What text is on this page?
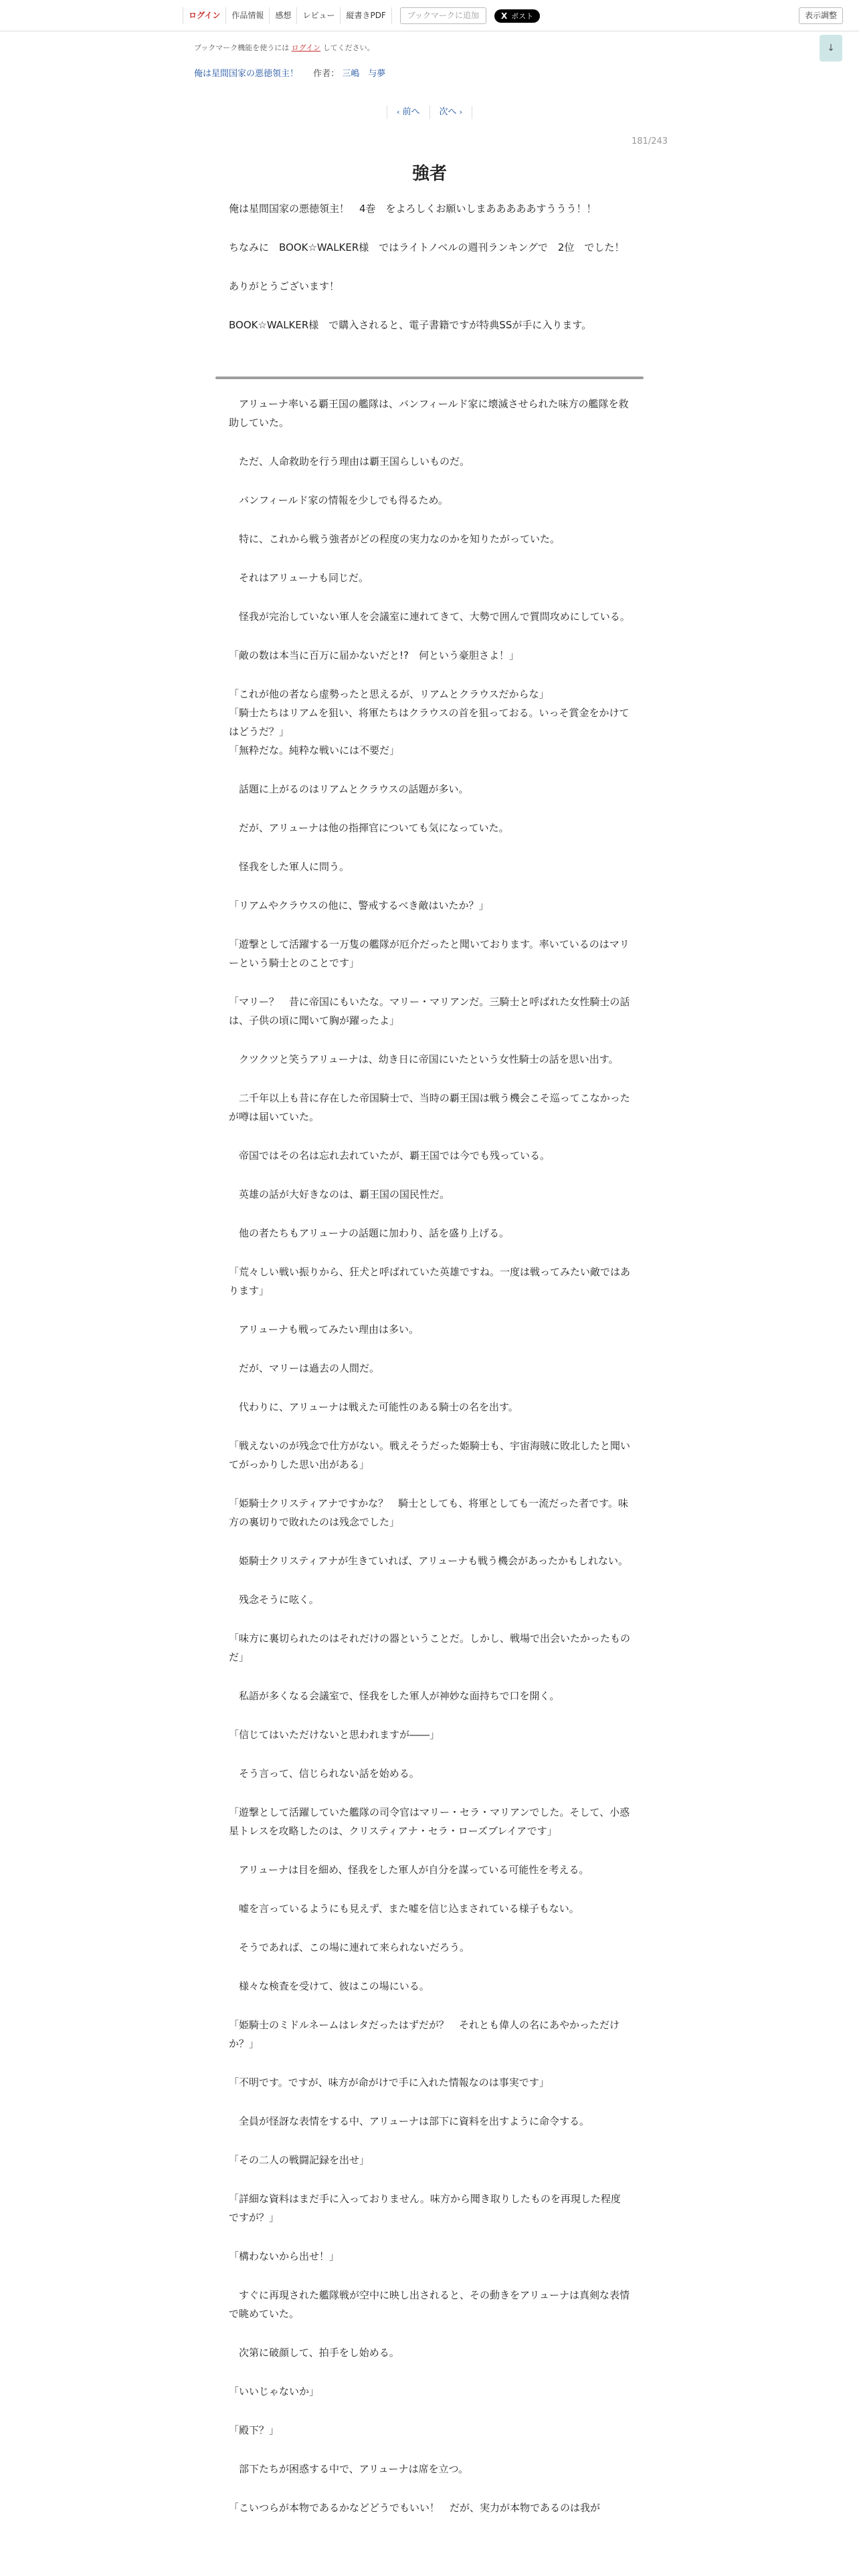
ログイン	作品情報	感想	レビュー	縦書きPDF	ブックマークに追加	X ポスト	表示調整
ブックマーク機能を使うには ログイン してください。	↓
俺は星間国家の悪徳領主！ 作者： 三嶋　与夢
‹ 前へ	次へ ›
181/243
強者

俺は星間国家の悪徳領主！　4巻　をよろしくお願いしまあああああすううう！！

ちなみに　BOOK☆WALKER様　ではライトノベルの週刊ランキングで　2位　でした！

ありがとうございます！

BOOK☆WALKER様　で購入されると、電子書籍ですが特典SSが手に入ります。

　アリューナ率いる覇王国の艦隊は、バンフィールド家に壊滅させられた味方の艦隊を救助していた。

　ただ、人命救助を行う理由は覇王国らしいものだ。

　バンフィールド家の情報を少しでも得るため。

　特に、これから戦う強者がどの程度の実力なのかを知りたがっていた。

　それはアリューナも同じだ。

　怪我が完治していない軍人を会議室に連れてきて、大勢で囲んで質問攻めにしている。

「敵の数は本当に百万に届かないだと!?　何という豪胆さよ！」

「これが他の者なら虚勢ったと思えるが、リアムとクラウスだからな」
「騎士たちはリアムを狙い、将軍たちはクラウスの首を狙っておる。いっそ賞金をかけてはどうだ？」
「無粋だな。純粋な戦いには不要だ」

　話題に上がるのはリアムとクラウスの話題が多い。

　だが、アリューナは他の指揮官についても気になっていた。

　怪我をした軍人に問う。

「リアムやクラウスの他に、警戒するべき敵はいたか？」

「遊撃として活躍する一万隻の艦隊が厄介だったと聞いております。率いているのはマリーという騎士とのことです」

「マリー？　昔に帝国にもいたな。マリー・マリアンだ。三騎士と呼ばれた女性騎士の話は、子供の頃に聞いて胸が躍ったよ」

　クツクツと笑うアリューナは、幼き日に帝国にいたという女性騎士の話を思い出す。

　二千年以上も昔に存在した帝国騎士で、当時の覇王国は戦う機会こそ巡ってこなかったが噂は届いていた。

　帝国ではその名は忘れ去れていたが、覇王国では今でも残っている。

　英雄の話が大好きなのは、覇王国の国民性だ。

　他の者たちもアリューナの話題に加わり、話を盛り上げる。

「荒々しい戦い振りから、狂犬と呼ばれていた英雄ですね。一度は戦ってみたい敵ではあります」

　アリューナも戦ってみたい理由は多い。

　だが、マリーは過去の人間だ。

　代わりに、アリューナは戦えた可能性のある騎士の名を出す。

「戦えないのが残念で仕方がない。戦えそうだった姫騎士も、宇宙海賊に敗北したと聞いてがっかりした思い出がある」

「姫騎士クリスティアナですかな？　騎士としても、将軍としても一流だった者です。味方の裏切りで敗れたのは残念でした」

　姫騎士クリスティアナが生きていれば、アリューナも戦う機会があったかもしれない。

　残念そうに呟く。

「味方に裏切られたのはそれだけの器ということだ。しかし、戦場で出会いたかったものだ」

　私語が多くなる会議室で、怪我をした軍人が神妙な面持ちで口を開く。

「信じてはいただけないと思われますが――」

　そう言って、信じられない話を始める。

「遊撃として活躍していた艦隊の司令官はマリー・セラ・マリアンでした。そして、小惑星トレスを攻略したのは、クリスティアナ・セラ・ローズブレイアです」

　アリューナは目を細め、怪我をした軍人が自分を謀っている可能性を考える。

　嘘を言っているようにも見えず、また嘘を信じ込まされている様子もない。

　そうであれば、この場に連れて来られないだろう。

　様々な検査を受けて、彼はこの場にいる。

「姫騎士のミドルネームはレタだったはずだが？　それとも偉人の名にあやかっただけか？」

「不明です。ですが、味方が命がけで手に入れた情報なのは事実です」

　全員が怪訝な表情をする中、アリューナは部下に資料を出すように命令する。

「その二人の戦闘記録を出せ」

「詳細な資料はまだ手に入っておりません。味方から聞き取りしたものを再現した程度ですが？」

「構わないから出せ！」

　すぐに再現された艦隊戦が空中に映し出されると、その動きをアリューナは真剣な表情で眺めていた。

　次第に破顔して、拍手をし始める。

「いいじゃないか」

「殿下？」

　部下たちが困惑する中で、アリューナは席を立つ。

「こいつらが本物であるかなどどうでもいい！　だが、実力が本物であるのは我が
